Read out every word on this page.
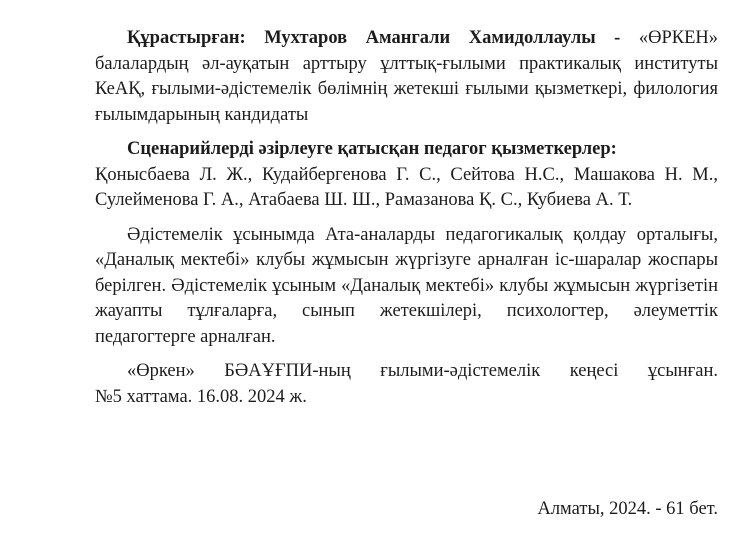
Құрастырған: Мухтаров Амангали Хамидоллаулы - «ӨРКЕН»
балалардың әл-ауқатын арттыру ұлттық-ғылыми практикалық институты
КеАҚ, ғылыми-әдістемелік бөлімнің жетекші ғылыми қызметкері, филология
ғылымдарының кандидаты
Сценарийлерді әзірлеуге қатысқан педагог қызметкерлер:
Қонысбаева Л. Ж., Кудайбергенова Г. С., Сейтова Н.С., Машакова Н. М.,
Сулейменова Г. А., Атабаева Ш. Ш., Рамазанова Қ. С., Кубиева А. Т.
Әдістемелік ұсынымда Ата-аналарды педагогикалық қолдау орталығы,
«Даналық мектебі» клубы жұмысын жүргізуге арналған іс-шаралар жоспары
берілген. Әдістемелік ұсыным «Даналық мектебі» клубы жұмысын жүргізетін
жауапты тұлғаларға, сынып жетекшілері, психологтер, әлеуметтік
педагогтерге арналған.
«Өркен» БӘАҰҒПИ-ның ғылыми-әдістемелік кеңесі ұсынған.
№5 хаттама. 16.08. 2024 ж.
Алматы, 2024. - 61 бет.
